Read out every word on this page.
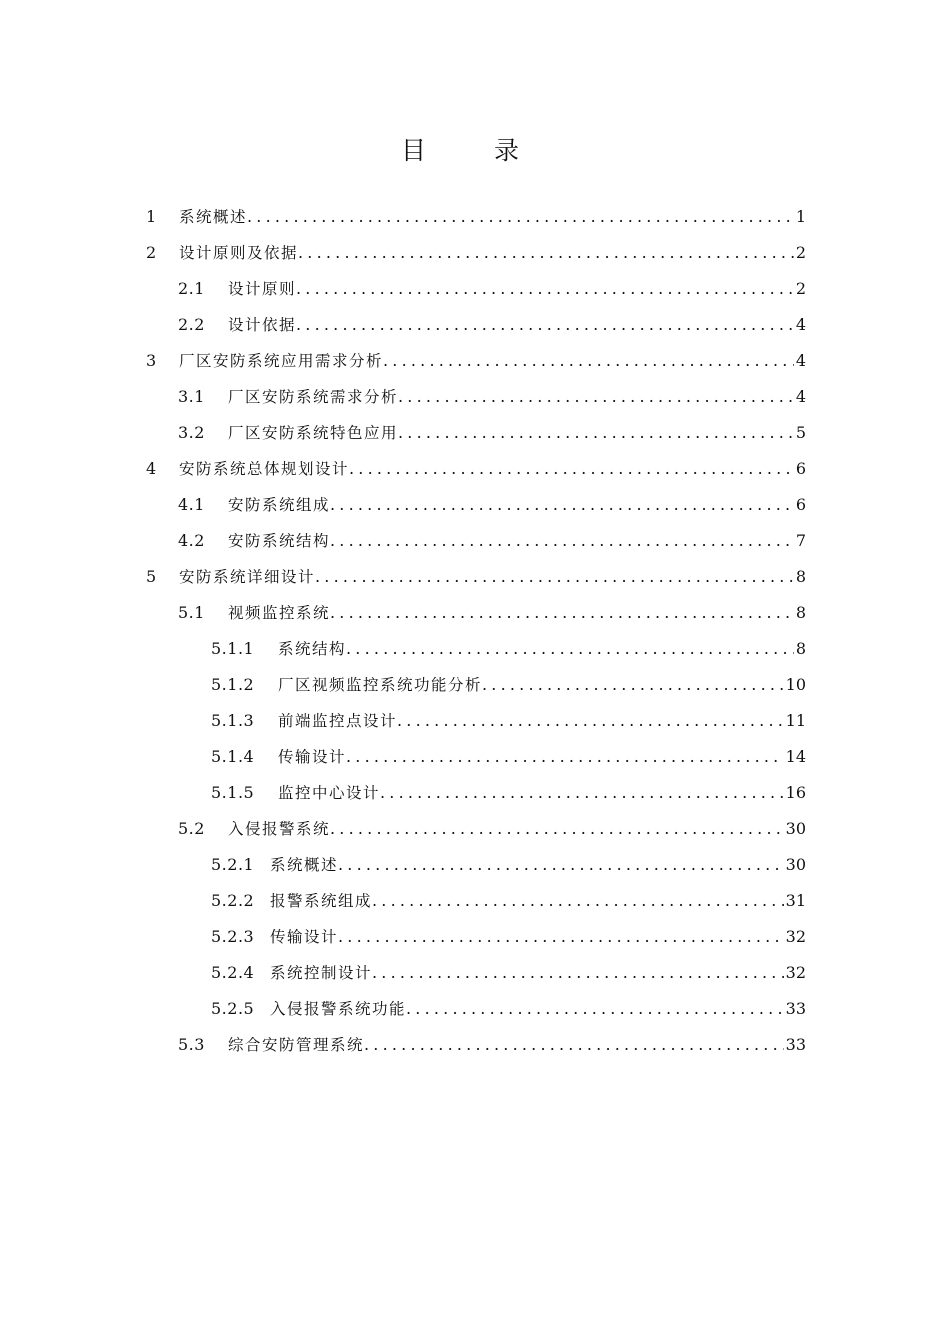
目 录
1	系统概述 .....	1
2	设计原则及依据 .....	2
2.1	设计原则 .....	2
2.2	设计依据 .....	4
3	厂区安防系统应用需求分析 .....	4
3.1	厂区安防系统需求分析 .....	4
3.2	厂区安防系统特色应用 .....	5
4	安防系统总体规划设计 .....	6
4.1	安防系统组成 .....	6
4.2	安防系统结构 .....	7
5	安防系统详细设计 .....	8
5.1	视频监控系统 .....	8
5.1.1	系统结构 .....	8
5.1.2	厂区视频监控系统功能分析 .....	10
5.1.3	前端监控点设计 .....	11
5.1.4	传输设计 .....	14
5.1.5	监控中心设计 .....	16
5.2	入侵报警系统 .....	30
5.2.1	系统概述 .....	30
5.2.2	报警系统组成 .....	31
5.2.3	传输设计 .....	32
5.2.4	系统控制设计 .....	32
5.2.5	入侵报警系统功能 .....	33
5.3	综合安防管理系统 .....	33
